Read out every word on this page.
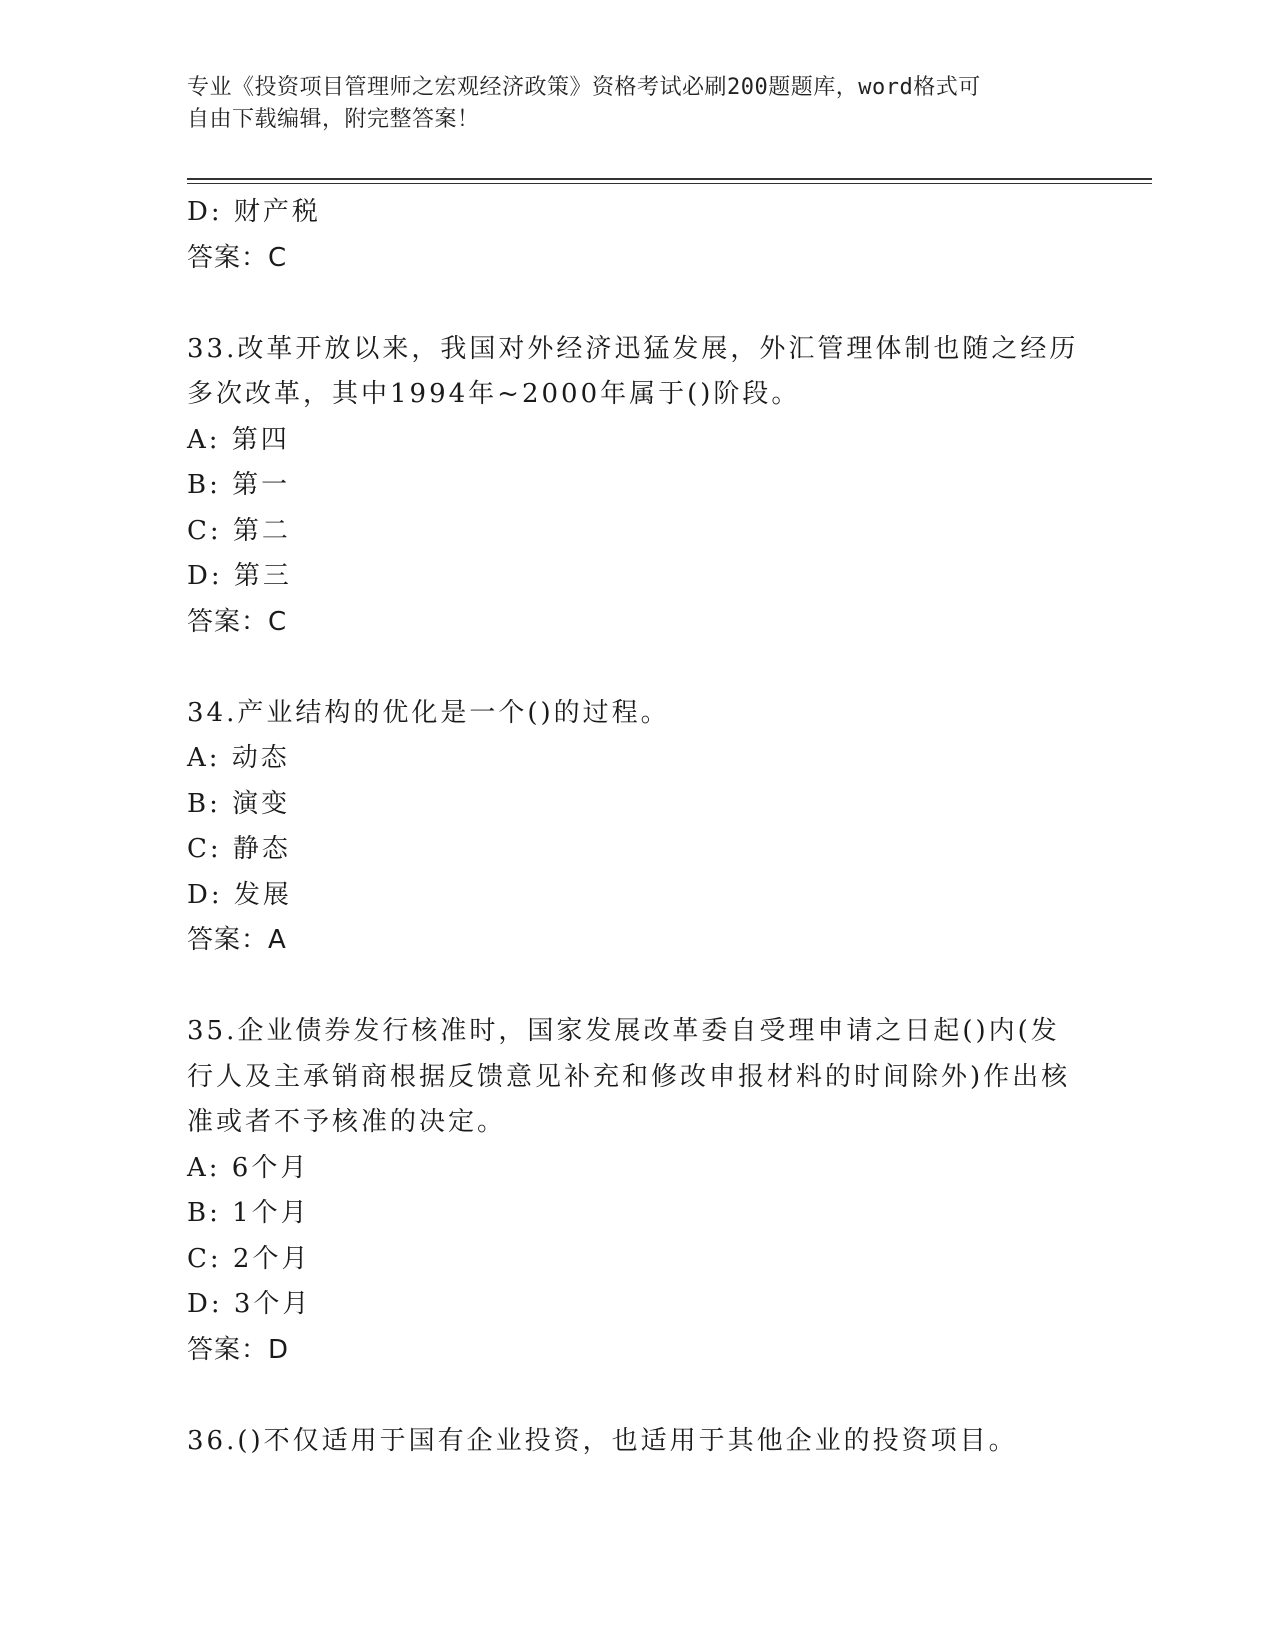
专业《投资项目管理师之宏观经济政策》资格考试必刷200题题库，word格式可
自由下载编辑，附完整答案！
D: 财产税
答案：C
33.改革开放以来，我国对外经济迅猛发展，外汇管理体制也随之经历
多次改革，其中1994年~2000年属于()阶段。
A: 第四
B: 第一
C: 第二
D: 第三
答案：C
34.产业结构的优化是一个()的过程。
A: 动态
B: 演变
C: 静态
D: 发展
答案：A
35.企业债券发行核准时，国家发展改革委自受理申请之日起()内(发
行人及主承销商根据反馈意见补充和修改申报材料的时间除外)作出核
准或者不予核准的决定。
A: 6个月
B: 1个月
C: 2个月
D: 3个月
答案：D
36.()不仅适用于国有企业投资，也适用于其他企业的投资项目。
